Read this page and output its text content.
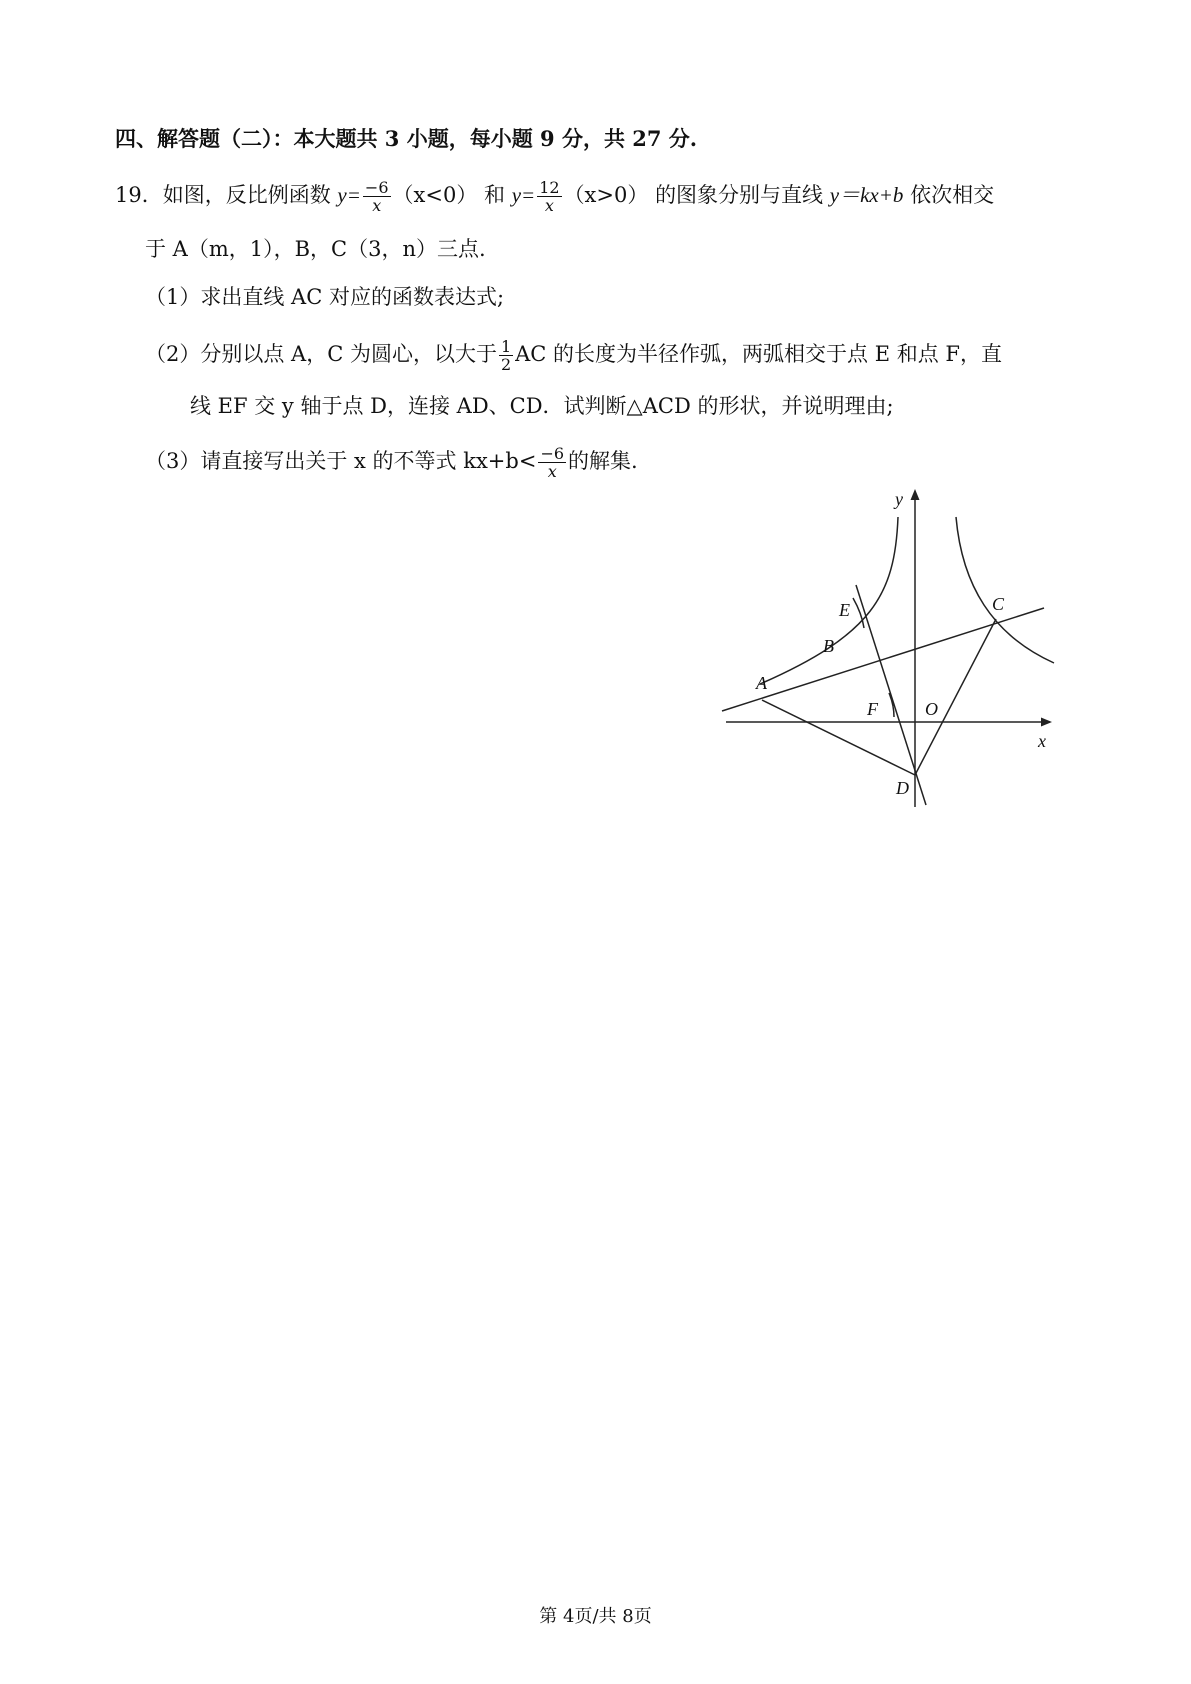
四、解答题（二）：本大题共 3 小题，每小题 9 分，共 27 分.
19．如图，反比例函数 $y= \frac{-6}{x} (x<0)$ 和 $y= \frac{12}{x} (x>0)$ 的图象分别与直线 y＝kx+b 依次相交
于 A（m，1），B，C（3，n）三点.
（1）求出直线 AC 对应的函数表达式;
（2）分别以点 A，C 为圆心，以大于 $\frac{1}{2}$ AC 的长度为半径作弧，两弧相交于点 E 和点 F，直
线 EF 交 y 轴于点 D，连接 AD、CD．试判断△ACD 的形状，并说明理由;
（3）请直接写出关于 x 的不等式 $kx+b< \frac{-6}{x}$ 的解集.
y
x
O
A
B
C
D
E
F
第 4页/共 8页
